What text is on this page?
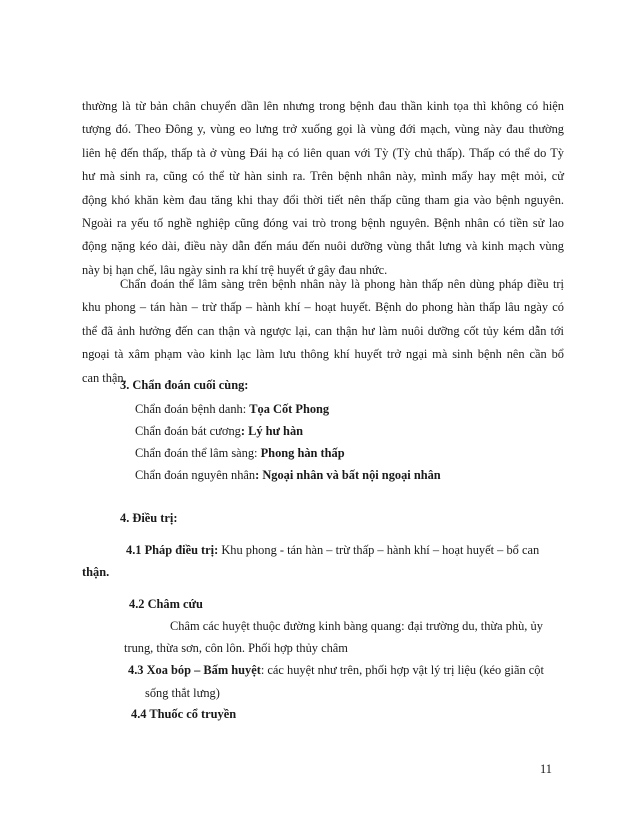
thường là từ bản chân chuyển dần lên nhưng trong bệnh đau thần kinh tọa thì không có hiện

tượng đó. Theo Đông y, vùng eo lưng trở xuống gọi là vùng đới mạch, vùng này đau thường

liên hệ đến thấp, thấp tà ở vùng Đái hạ có liên quan với Tỳ (Tỳ chủ thấp). Thấp có thể do Tỳ

hư mà sinh ra, cũng có thể từ hàn sinh ra. Trên bệnh nhân này, mình mẩy hay mệt mỏi, cử

động khó khăn kèm đau tăng khi thay đổi thời tiết nên thấp cũng tham gia vào bệnh nguyên.

Ngoài ra yếu tố nghề nghiệp cũng đóng vai trò trong bệnh nguyên. Bệnh nhân có tiền sử lao

động nặng kéo dài, điều này dẫn đến máu đến nuôi dưỡng vùng thắt lưng và kinh mạch vùng

này bị hạn chế, lâu ngày sinh ra khí trệ huyết ứ gây đau nhức.

Chẩn đoán thể lâm sàng trên bệnh nhân này là phong hàn thấp nên dùng pháp điều trị

khu phong – tán hàn – trừ thấp – hành khí – hoạt huyết. Bệnh do phong hàn thấp lâu ngày có

thể đã ảnh hưởng đến can thận và ngược lại, can thận hư làm nuôi dưỡng cốt tủy kém dẫn tới

ngoại tà xâm phạm vào kinh lạc làm lưu thông khí huyết trở ngại mà sinh bệnh nên cần bổ

can thận.

3. Chẩn đoán cuối cùng:
Chẩn đoán bệnh danh: Tọa Cốt Phong
Chẩn đoán bát cương: Lý hư hàn
Chẩn đoán thể lâm sàng: Phong hàn thấp
Chẩn đoán nguyên nhân: Ngoại nhân và bất nội ngoại nhân
4. Điều trị:
4.1 Pháp điều trị: Khu phong - tán hàn – trừ thấp – hành khí – hoạt huyết – bổ can
thận.
4.2 Châm cứu
Châm các huyệt thuộc đường kinh bàng quang: đại trường du, thừa phù, ủy
trung, thừa sơn, côn lôn. Phối hợp thủy châm
4.3 Xoa bóp – Bấm huyệt: các huyệt như trên, phối hợp vật lý trị liệu (kéo giãn cột
sống thắt lưng)
4.4 Thuốc cổ truyền
11
